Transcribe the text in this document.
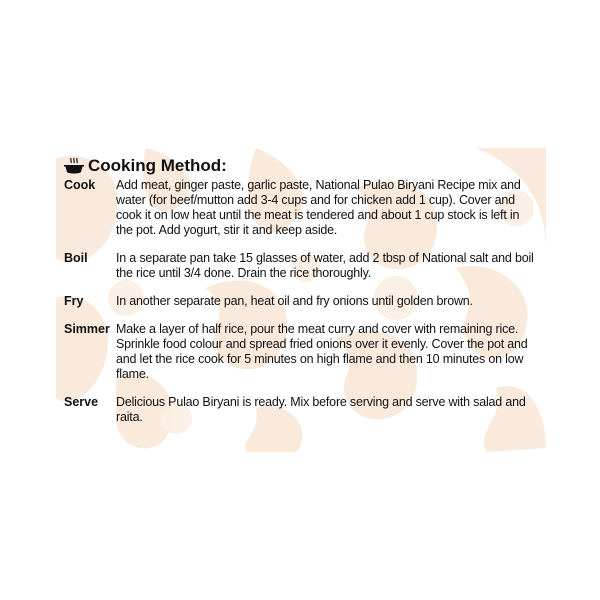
Cooking Method:
Cook	Add meat, ginger paste, garlic paste, National Pulao Biryani Recipe mix and water (for beef/mutton add 3-4 cups and for chicken add 1 cup). Cover and cook it on low heat until the meat is tendered and about 1 cup stock is left in the pot. Add yogurt, stir it and keep aside.
Boil	In a separate pan take 15 glasses of water, add 2 tbsp of National salt and boil the rice until 3/4 done. Drain the rice thoroughly.
Fry	In another separate pan, heat oil and fry onions until golden brown.
Simmer Make a layer of half rice, pour the meat curry and cover with remaining rice. Sprinkle food colour and spread fried onions over it evenly. Cover the pot and and let the rice cook for 5 minutes on high flame and then 10 minutes on low flame.
Serve	Delicious Pulao Biryani is ready. Mix before serving and serve with salad and raita.
